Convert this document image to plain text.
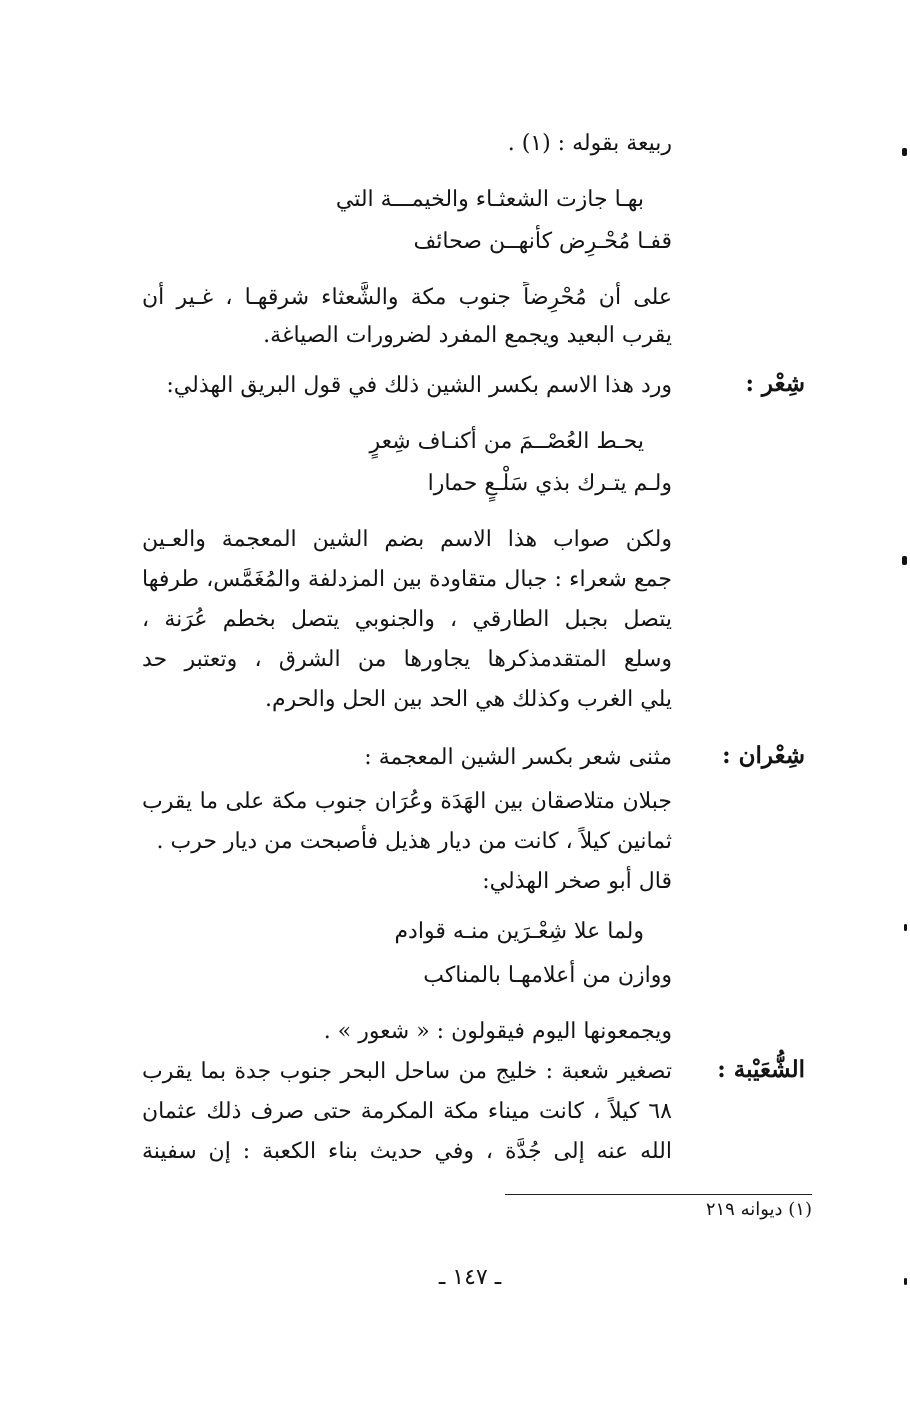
ربيعة بقوله : (١) .
بهـا جازت الشعثـاء والخيمـــة التي
قفـا مُحْـرِض كأنهــن صحائف
على أن مُحْرِضاً جنوب مكة والشَّعثاء شرقهـا ، غـير أن
يقرب البعيد ويجمع المفرد لضرورات الصياغة.
شِعْر :
ورد هذا الاسم بكسر الشين ذلك في قول البريق الهذلي:
يحـط العُصْــمَ من أكنـاف شِعرٍ
ولـم يتـرك بذي سَلْـعٍ حمارا
ولكن صواب هذا الاسم بضم الشين المعجمة والعـين
جمع شعراء : جبال متقاودة بين المزدلفة والمُغَمَّس، طرفها
يتصل بجبل الطارقي ، والجنوبي يتصل بخطم عُرَنة ،
وسلع المتقدمذكرها يجاورها من الشرق ، وتعتبر حد
يلي الغرب وكذلك هي الحد بين الحل والحرم.
شِعْران :
مثنى شعر بكسر الشين المعجمة :
جبلان متلاصقان بين الهَدَة وعُرَان جنوب مكة على ما يقرب
ثمانين كيلاً ، كانت من ديار هذيل فأصبحت من ديار حرب .
قال أبو صخر الهذلي:
ولما علا شِعْـرَين منـه قوادم
ووازن من أعلامهـا بالمناكب
ويجمعونها اليوم فيقولون : « شعور » .
الشُّعَيْبة :
تصغير شعبة : خليج من ساحل البحر جنوب جدة بما يقرب
٦٨ كيلاً ، كانت ميناء مكة المكرمة حتى صرف ذلك عثمان
الله عنه إلى جُدَّة ، وفي حديث بناء الكعبة : إن سفينة
(١) ديوانه ٢١٩
ـ ١٤٧ ـ
